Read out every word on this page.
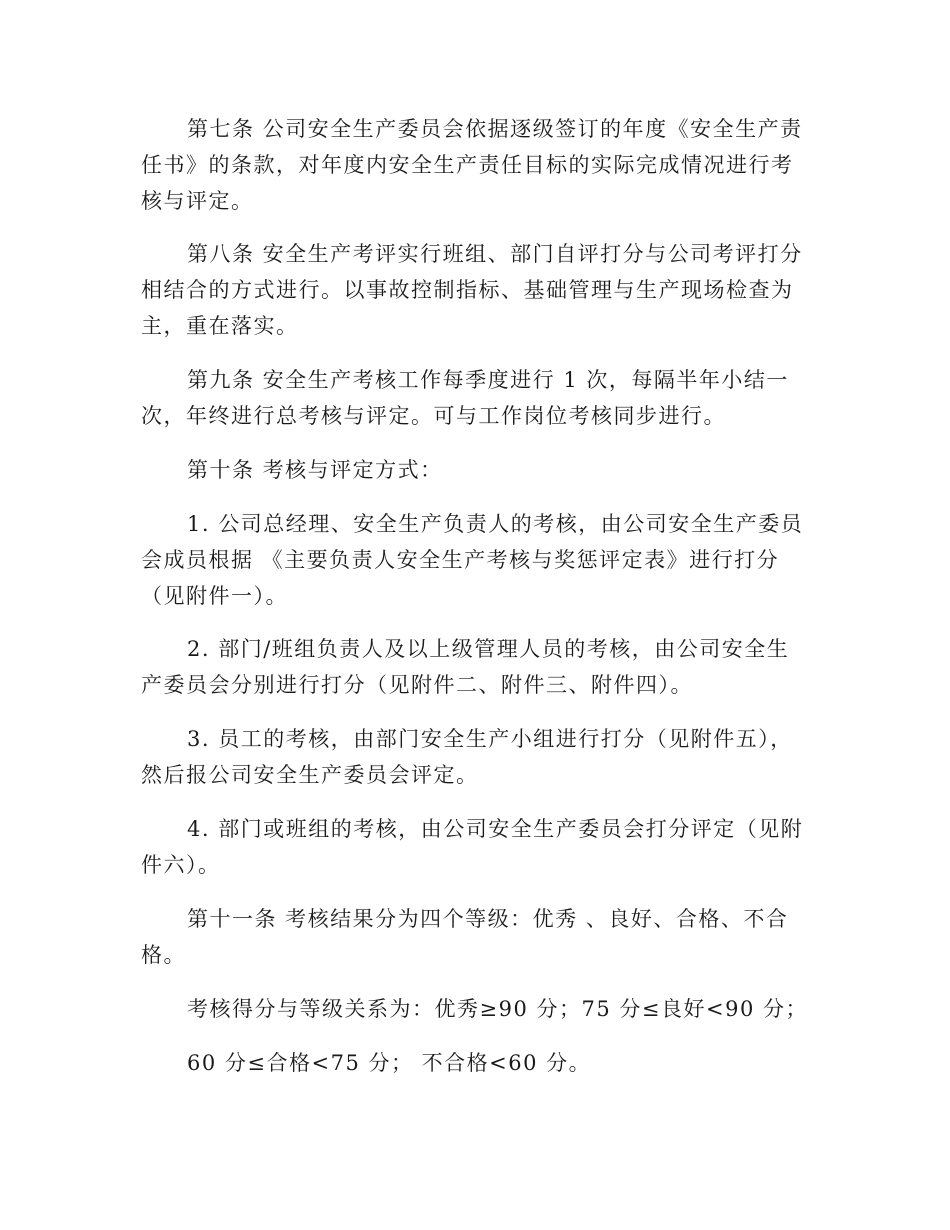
第七条 公司安全生产委员会依据逐级签订的年度《安全生产责任书》的条款，对年度内安全生产责任目标的实际完成情况进行考核与评定。

第八条 安全生产考评实行班组、部门自评打分与公司考评打分相结合的方式进行。以事故控制指标、基础管理与生产现场检查为主，重在落实。

第九条 安全生产考核工作每季度进行 1 次，每隔半年小结一次，年终进行总考核与评定。可与工作岗位考核同步进行。

第十条 考核与评定方式：

1. 公司总经理、安全生产负责人的考核，由公司安全生产委员会成员根据 《主要负责人安全生产考核与奖惩评定表》进行打分（见附件一）。

2. 部门/班组负责人及以上级管理人员的考核，由公司安全生产委员会分别进行打分（见附件二、附件三、附件四）。

3. 员工的考核，由部门安全生产小组进行打分（见附件五），然后报公司安全生产委员会评定。

4. 部门或班组的考核，由公司安全生产委员会打分评定（见附件六）。

第十一条 考核结果分为四个等级：优秀 、良好、合格、不合格。

考核得分与等级关系为：优秀≥90 分；75 分≤良好<90 分；

60 分≤合格<75 分； 不合格<60 分。
